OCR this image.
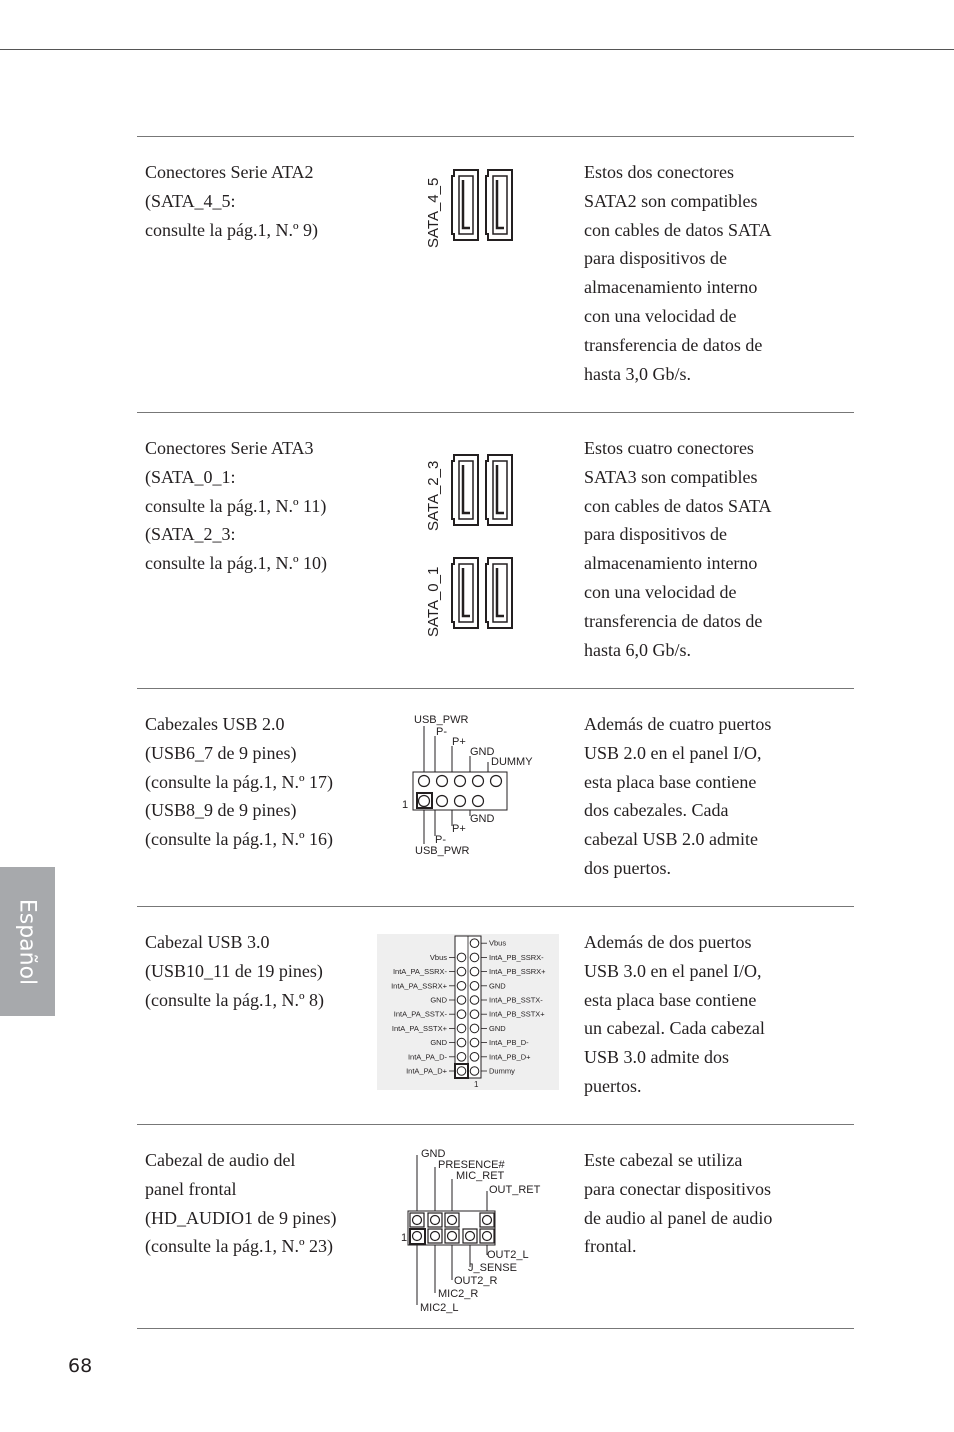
Conectores Serie ATA2
(SATA_4_5:
consulte la pág.1, N.º 9)	SATA_4_5
Estos dos conectores
SATA2 son compatibles
con cables de datos SATA
para dispositivos de
almacenamiento interno
con una velocidad de
transferencia de datos de
hasta 3,0 Gb/s.
Conectores Serie ATA3
(SATA_0_1:
consulte la pág.1, N.º 11)
(SATA_2_3:
consulte la pág.1, N.º 10)
SATA_2_3
SATA_0_1
Estos cuatro conectores
SATA3 son compatibles
con cables de datos SATA
para dispositivos de
almacenamiento interno
con una velocidad de
transferencia de datos de
hasta 6,0 Gb/s.
Cabezales USB 2.0
(USB6_7 de 9 pines)
(consulte la pág.1, N.º 17)
(USB8_9 de 9 pines)
(consulte la pág.1, N.º 16)
USB_PWR
P-
P+
GND
DUMMY
GND
P+
P-
USB_PWR
1
Además de cuatro puertos
USB 2.0 en el panel I/O,
esta placa base contiene
dos cabezales. Cada
cabezal USB 2.0 admite
dos puertos.
Cabezal USB 3.0
(USB10_11 de 19 pines)
(consulte la pág.1, N.º 8)
Dummy
IntA_PB_D+
IntA_PB_D-
GND
IntA_PB_SSTX+
IntA_PB_SSTX-
GND
IntA_PB_SSRX+
IntA_PB_SSRX-
Vbus
IntA_PA_D+
IntA_PA_D-
GND
IntA_PA_SSTX+
IntA_PA_SSTX-
GND
IntA_PA_SSRX+
IntA_PA_SSRX-
Vbus
1
Además de dos puertos
USB 3.0 en el panel I/O,
esta placa base contiene
un cabezal. Cada cabezal
USB 3.0 admite dos
puertos.
Cabezal de audio del
panel frontal
(HD_AUDIO1 de 9 pines)
(consulte la pág.1, N.º 23)
GND
PRESENCE#
MIC_RET
OUT_RET
OUT2_L
J_SENSE
OUT2_R
MIC2_R
MIC2_L
1
Este cabezal se utiliza
para conectar dispositivos
de audio al panel de audio
frontal.
Español
68
